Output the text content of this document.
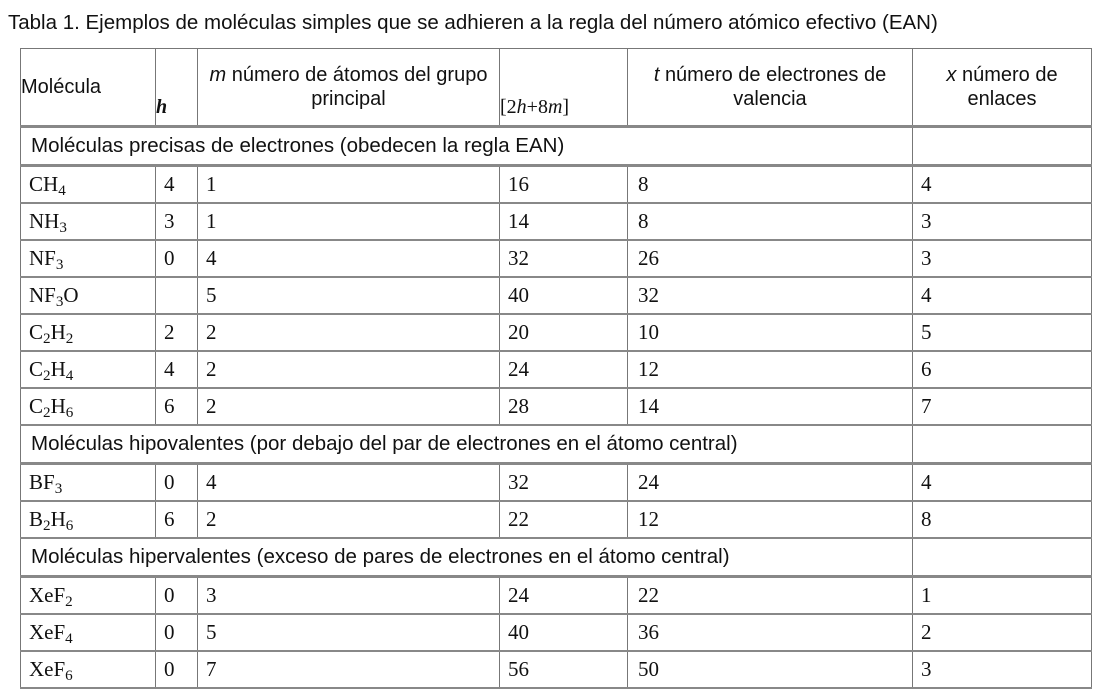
Tabla 1. Ejemplos de moléculas simples que se adhieren a la regla del número atómico efectivo (EAN)
Molécula	h	m número de átomos del grupo principal	[2h+8m]	t número de electrones de valencia	x número de enlaces
Moléculas precisas de electrones (obedecen la regla EAN)					
$CH_4$	4	1	16	8	4
$NH_3$	3	1	14	8	3
$NF_3$	0	4	32	26	3
$NF_3O$		5	40	32	4
$C_2H_2$	2	2	20	10	5
$C_2H_4$	4	2	24	12	6
$C_2H_6$	6	2	28	14	7
Moléculas hipovalentes (por debajo del par de electrones en el átomo central)					
$BF_3$	0	4	32	24	4
$B_2H_6$	6	2	22	12	8
Moléculas hipervalentes (exceso de pares de electrones en el átomo central)					
XeF$_2$	0	3	24	22	1
XeF$_4$	0	5	40	36	2
XeF$_6$	0	7	56	50	3
